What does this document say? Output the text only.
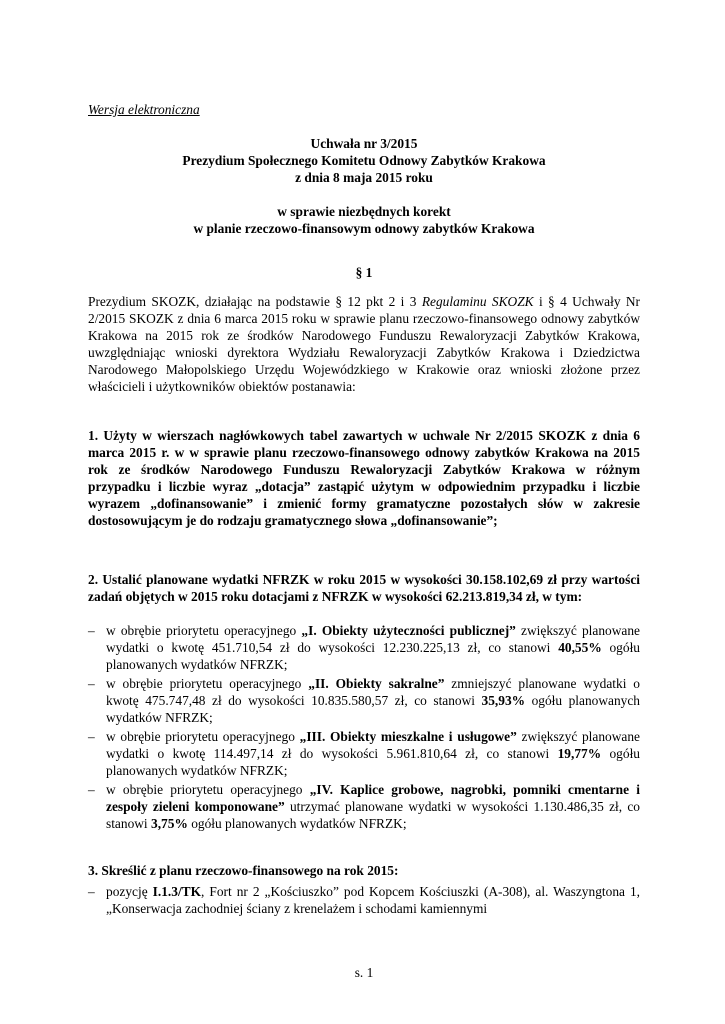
Wersja elektroniczna

Uchwała nr 3/2015

Prezydium Społecznego Komitetu Odnowy Zabytków Krakowa

z dnia 8 maja 2015 roku

w sprawie niezbędnych korekt

w planie rzeczowo-finansowym odnowy zabytków Krakowa

§ 1

Prezydium SKOZK, działając na podstawie § 12 pkt 2 i 3 Regulaminu SKOZK i § 4 Uchwały Nr 2/2015 SKOZK z dnia 6 marca 2015 roku w sprawie planu rzeczowo-finansowego odnowy zabytków Krakowa na 2015 rok ze środków Narodowego Funduszu Rewaloryzacji Zabytków Krakowa, uwzględniając wnioski dyrektora Wydziału Rewaloryzacji Zabytków Krakowa i Dziedzictwa Narodowego Małopolskiego Urzędu Wojewódzkiego w Krakowie oraz wnioski złożone przez właścicieli i użytkowników obiektów postanawia:

1. Użyty w wierszach nagłówkowych tabel zawartych w uchwale Nr 2/2015 SKOZK z dnia 6 marca 2015 r. w w sprawie planu rzeczowo-finansowego odnowy zabytków Krakowa na 2015 rok ze środków Narodowego Funduszu Rewaloryzacji Zabytków Krakowa w różnym przypadku i liczbie wyraz „dotacja” zastąpić użytym w odpowiednim przypadku i liczbie wyrazem „dofinansowanie” i zmienić formy gramatyczne pozostałych słów w zakresie dostosowującym je do rodzaju gramatycznego słowa „dofinansowanie”;

2. Ustalić planowane wydatki NFRZK w roku 2015 w wysokości 30.158.102,69 zł przy wartości zadań objętych w 2015 roku dotacjami z NFRZK w wysokości 62.213.819,34 zł, w tym:

– w obrębie priorytetu operacyjnego „I. Obiekty użyteczności publicznej” zwiększyć planowane wydatki o kwotę 451.710,54 zł do wysokości 12.230.225,13 zł, co stanowi 40,55% ogółu planowanych wydatków NFRZK;
– w obrębie priorytetu operacyjnego „II. Obiekty sakralne” zmniejszyć planowane wydatki o kwotę 475.747,48 zł do wysokości 10.835.580,57 zł, co stanowi 35,93% ogółu planowanych wydatków NFRZK;
– w obrębie priorytetu operacyjnego „III. Obiekty mieszkalne i usługowe” zwiększyć planowane wydatki o kwotę 114.497,14 zł do wysokości 5.961.810,64 zł, co stanowi 19,77% ogółu planowanych wydatków NFRZK;
– w obrębie priorytetu operacyjnego „IV. Kaplice grobowe, nagrobki, pomniki cmentarne i zespoły zieleni komponowane” utrzymać planowane wydatki w wysokości 1.130.486,35 zł, co stanowi 3,75% ogółu planowanych wydatków NFRZK;

3. Skreślić z planu rzeczowo-finansowego na rok 2015:

– pozycję I.1.3/TK, Fort nr 2 „Kościuszko” pod Kopcem Kościuszki (A-308), al. Waszyngtona 1, „Konserwacja zachodniej ściany z krenelażem i schodami kamiennymi
s. 1
